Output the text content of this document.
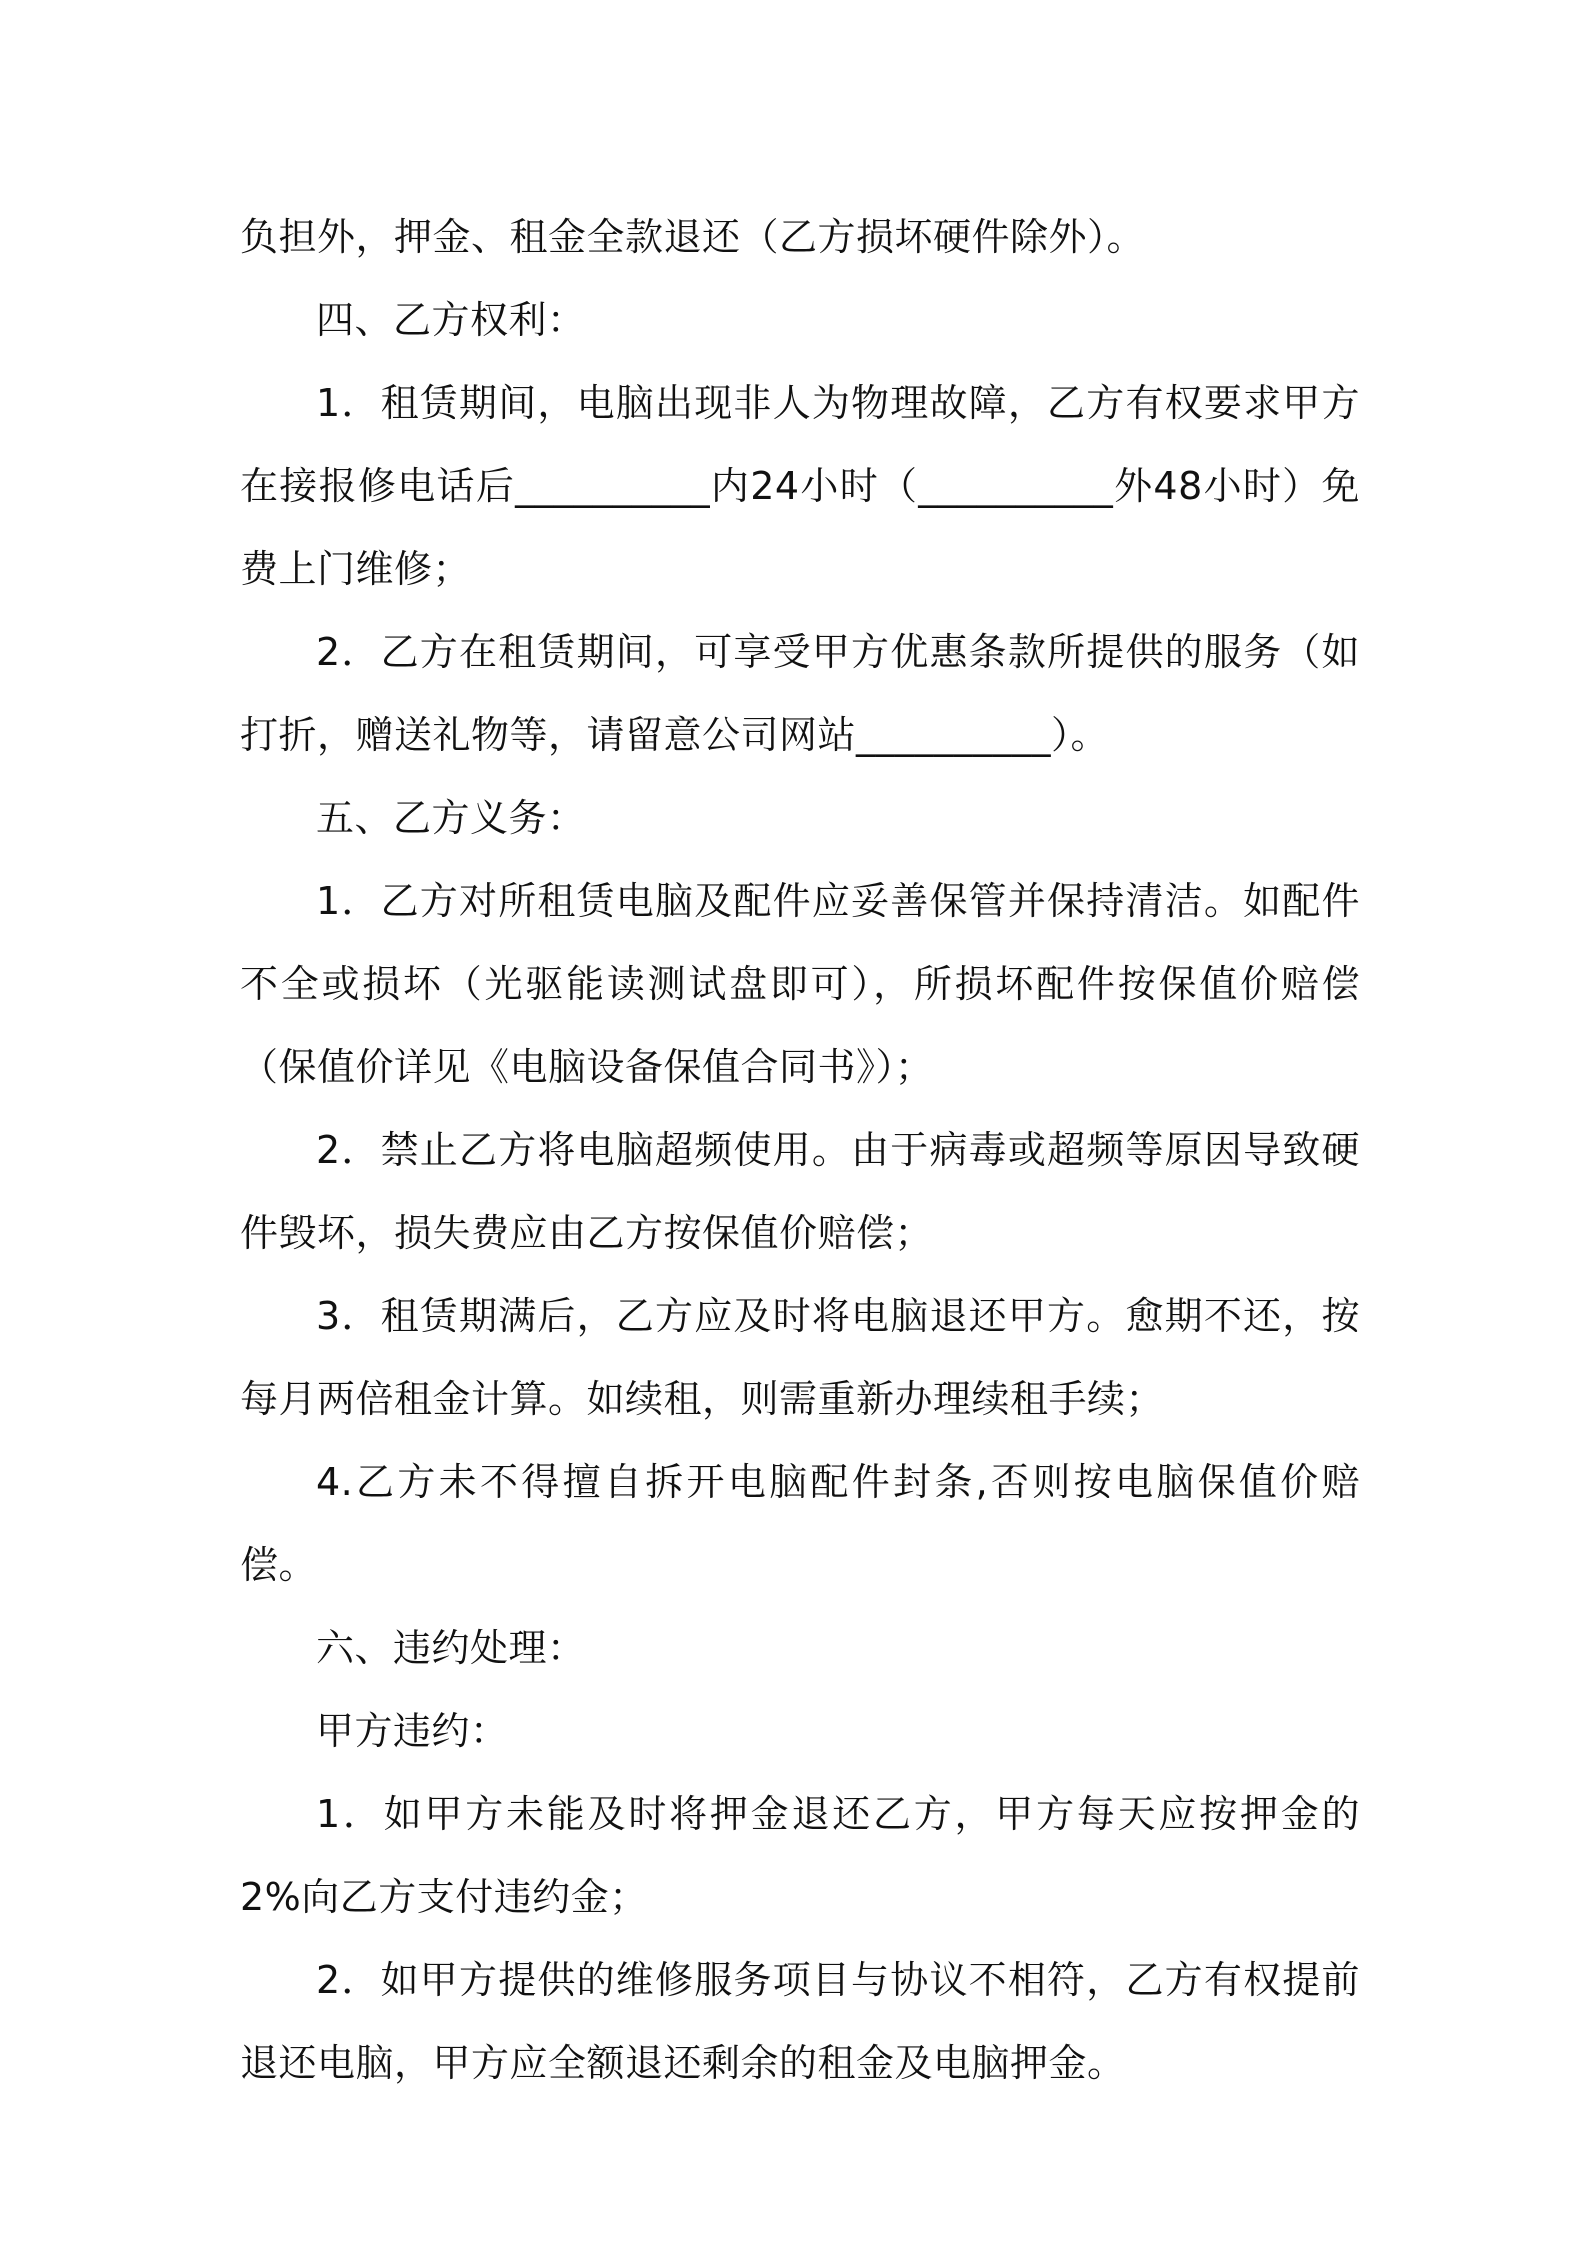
负担外，押金、租金全款退还（乙方损坏硬件除外）。

四、乙方权利：

1．租赁期间，电脑出现非人为物理故障，乙方有权要求甲方在接报修电话后__________内24小时（__________外48小时）免费上门维修；

2．乙方在租赁期间，可享受甲方优惠条款所提供的服务（如打折，赠送礼物等，请留意公司网站__________）。

五、乙方义务：

1．乙方对所租赁电脑及配件应妥善保管并保持清洁。如配件不全或损坏（光驱能读测试盘即可），所损坏配件按保值价赔偿（保值价详见《电脑设备保值合同书》）；

2．禁止乙方将电脑超频使用。由于病毒或超频等原因导致硬件毁坏，损失费应由乙方按保值价赔偿；

3．租赁期满后，乙方应及时将电脑退还甲方。愈期不还，按每月两倍租金计算。如续租，则需重新办理续租手续；

4.乙方未不得擅自拆开电脑配件封条,否则按电脑保值价赔偿。

六、违约处理：

甲方违约：

1．如甲方未能及时将押金退还乙方，甲方每天应按押金的2%向乙方支付违约金；

2．如甲方提供的维修服务项目与协议不相符，乙方有权提前退还电脑，甲方应全额退还剩余的租金及电脑押金。
